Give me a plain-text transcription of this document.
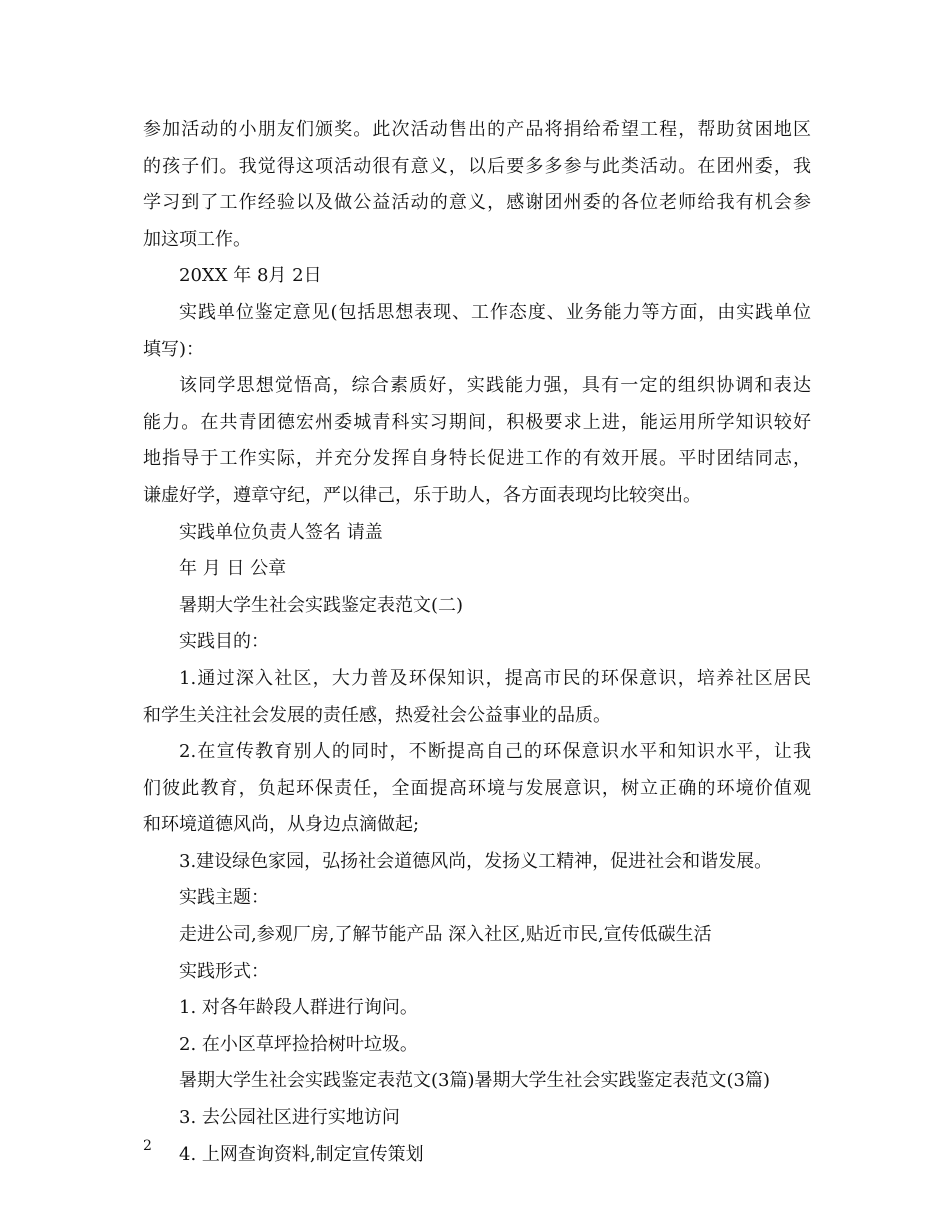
参加活动的小朋友们颁奖。此次活动售出的产品将捐给希望工程，帮助贫困地区
的孩子们。我觉得这项活动很有意义，以后要多多参与此类活动。在团州委，我
学习到了工作经验以及做公益活动的意义，感谢团州委的各位老师给我有机会参
加这项工作。
20XX 年 8月 2日
实践单位鉴定意见(包括思想表现、工作态度、业务能力等方面，由实践单位
填写)：
该同学思想觉悟高，综合素质好，实践能力强，具有一定的组织协调和表达
能力。在共青团德宏州委城青科实习期间，积极要求上进，能运用所学知识较好
地指导于工作实际，并充分发挥自身特长促进工作的有效开展。平时团结同志，
谦虚好学，遵章守纪，严以律己，乐于助人，各方面表现均比较突出。
实践单位负责人签名 请盖
年 月 日 公章
暑期大学生社会实践鉴定表范文(二)
实践目的：
1.通过深入社区，大力普及环保知识，提高市民的环保意识，培养社区居民
和学生关注社会发展的责任感，热爱社会公益事业的品质。
2.在宣传教育别人的同时，不断提高自己的环保意识水平和知识水平，让我
们彼此教育，负起环保责任，全面提高环境与发展意识，树立正确的环境价值观
和环境道德风尚，从身边点滴做起;
3.建设绿色家园，弘扬社会道德风尚，发扬义工精神，促进社会和谐发展。
实践主题：
走进公司,参观厂房,了解节能产品 深入社区,贴近市民,宣传低碳生活
实践形式：
1. 对各年龄段人群进行询问。
2. 在小区草坪捡拾树叶垃圾。
暑期大学生社会实践鉴定表范文(3篇)暑期大学生社会实践鉴定表范文(3篇)
3. 去公园社区进行实地访问
4. 上网查询资料,制定宣传策划
2
